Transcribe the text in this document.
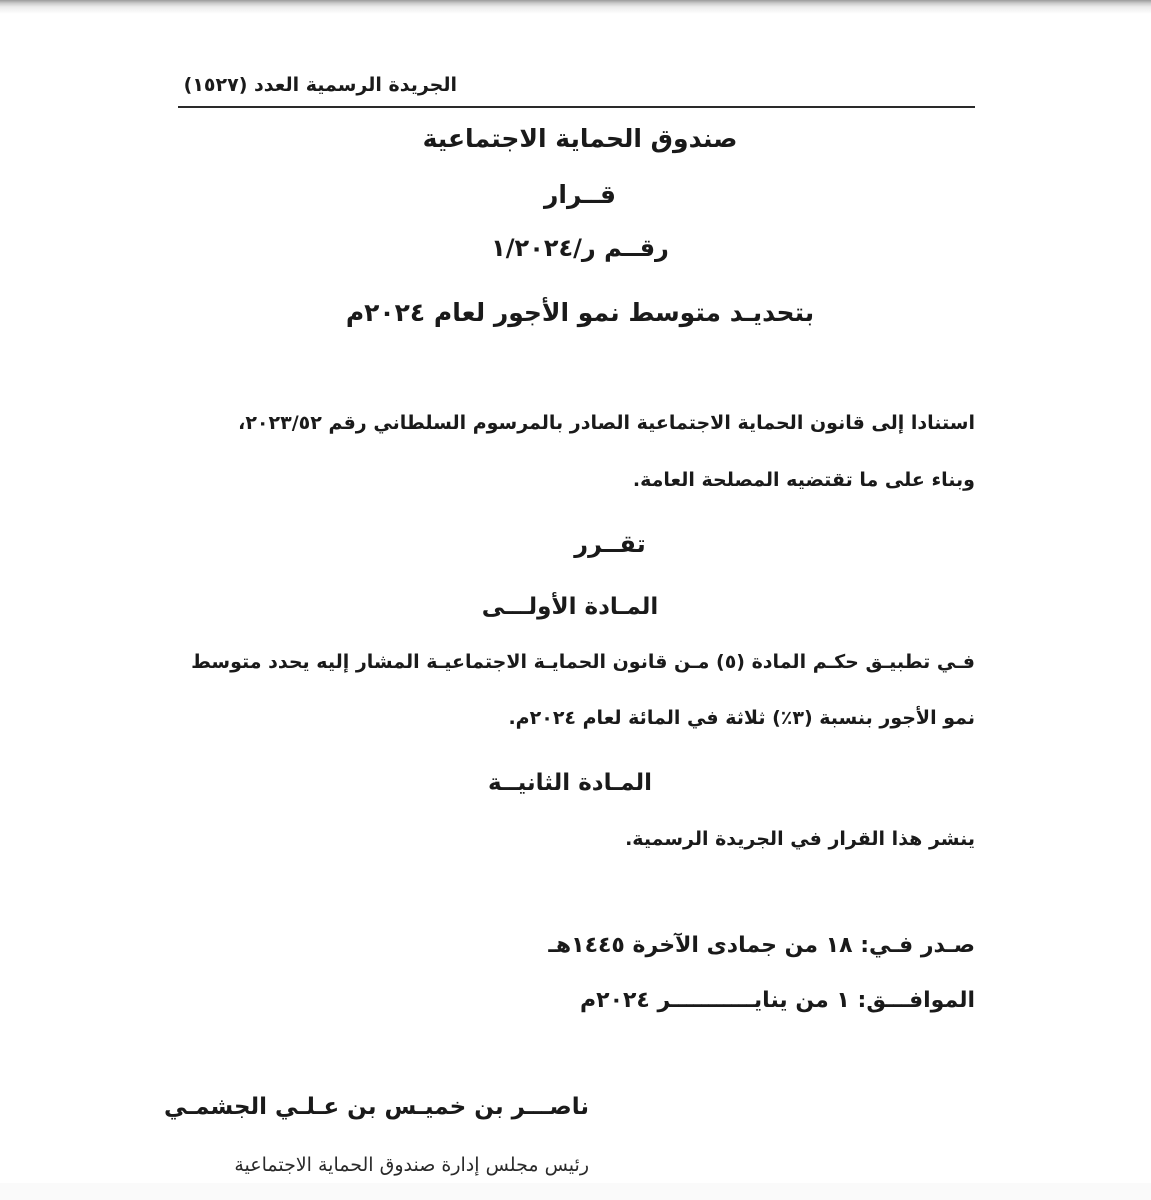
الجريدة الرسمية العدد (١٥٢٧)
صندوق الحماية الاجتماعية
قــرار
رقــم ر/١/٢٠٢٤
بتحديـد متوسط نمو الأجور لعام ٢٠٢٤م
استنادا إلى قانون الحماية الاجتماعية الصادر بالمرسوم السلطاني رقم ٢٠٢٣/٥٢،
وبناء على ما تقتضيه المصلحة العامة.
تقــرر
المـادة الأولـــى
فـي تطبيـق حكـم المادة (٥) مـن قانون الحمايـة الاجتماعيـة المشار إليه يحدد متوسط
نمو الأجور بنسبة (٣٪) ثلاثة في المائة لعام ٢٠٢٤م.
المـادة الثانيــة
ينشر هذا القرار في الجريدة الرسمية.
صـدر فـي: ١٨ من جمادى الآخرة ١٤٤٥هـ
الموافـــق: ١ من ينايـــــــــــر ٢٠٢٤م
ناصـــر بن خميـس بن عـلـي الجشمـي
رئيس مجلس إدارة صندوق الحماية الاجتماعية
